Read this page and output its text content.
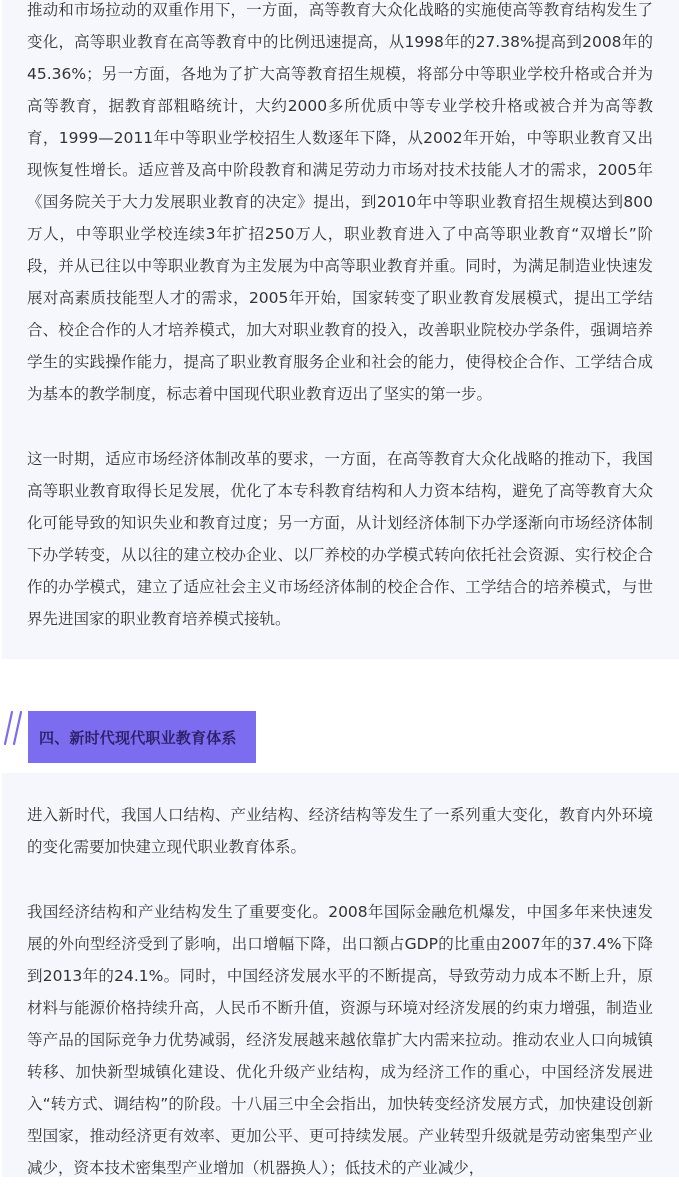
推动和市场拉动的双重作用下，一方面，高等教育大众化战略的实施使高等教育结构发生了变化，高等职业教育在高等教育中的比例迅速提高，从1998年的27.38%提高到2008年的45.36%；另一方面，各地为了扩大高等教育招生规模，将部分中等职业学校升格或合并为高等教育，据教育部粗略统计，大约2000多所优质中等专业学校升格或被合并为高等教育，1999—2011年中等职业学校招生人数逐年下降，从2002年开始，中等职业教育又出现恢复性增长。适应普及高中阶段教育和满足劳动力市场对技术技能人才的需求，2005年《国务院关于大力发展职业教育的决定》提出，到2010年中等职业教育招生规模达到800万人，中等职业学校连续3年扩招250万人，职业教育进入了中高等职业教育“双增长”阶段，并从已往以中等职业教育为主发展为中高等职业教育并重。同时，为满足制造业快速发展对高素质技能型人才的需求，2005年开始，国家转变了职业教育发展模式，提出工学结合、校企合作的人才培养模式，加大对职业教育的投入，改善职业院校办学条件，强调培养学生的实践操作能力，提高了职业教育服务企业和社会的能力，使得校企合作、工学结合成为基本的教学制度，标志着中国现代职业教育迈出了坚实的第一步。

这一时期，适应市场经济体制改革的要求，一方面，在高等教育大众化战略的推动下，我国高等职业教育取得长足发展，优化了本专科教育结构和人力资本结构，避免了高等教育大众化可能导致的知识失业和教育过度；另一方面，从计划经济体制下办学逐渐向市场经济体制下办学转变，从以往的建立校办企业、以厂养校的办学模式转向依托社会资源、实行校企合作的办学模式，建立了适应社会主义市场经济体制的校企合作、工学结合的培养模式，与世界先进国家的职业教育培养模式接轨。

四、新时代现代职业教育体系

进入新时代，我国人口结构、产业结构、经济结构等发生了一系列重大变化，教育内外环境的变化需要加快建立现代职业教育体系。

我国经济结构和产业结构发生了重要变化。2008年国际金融危机爆发，中国多年来快速发展的外向型经济受到了影响，出口增幅下降，出口额占GDP的比重由2007年的37.4%下降到2013年的24.1%。同时，中国经济发展水平的不断提高，导致劳动力成本不断上升，原材料与能源价格持续升高，人民币不断升值，资源与环境对经济发展的约束力增强，制造业等产品的国际竞争力优势减弱，经济发展越来越依靠扩大内需来拉动。推动农业人口向城镇转移、加快新型城镇化建设、优化升级产业结构，成为经济工作的重心，中国经济发展进入“转方式、调结构”的阶段。十八届三中全会指出，加快转变经济发展方式，加快建设创新型国家，推动经济更有效率、更加公平、更可持续发展。产业转型升级就是劳动密集型产业减少，资本技术密集型产业增加（机器换人）；低技术的产业减少，
